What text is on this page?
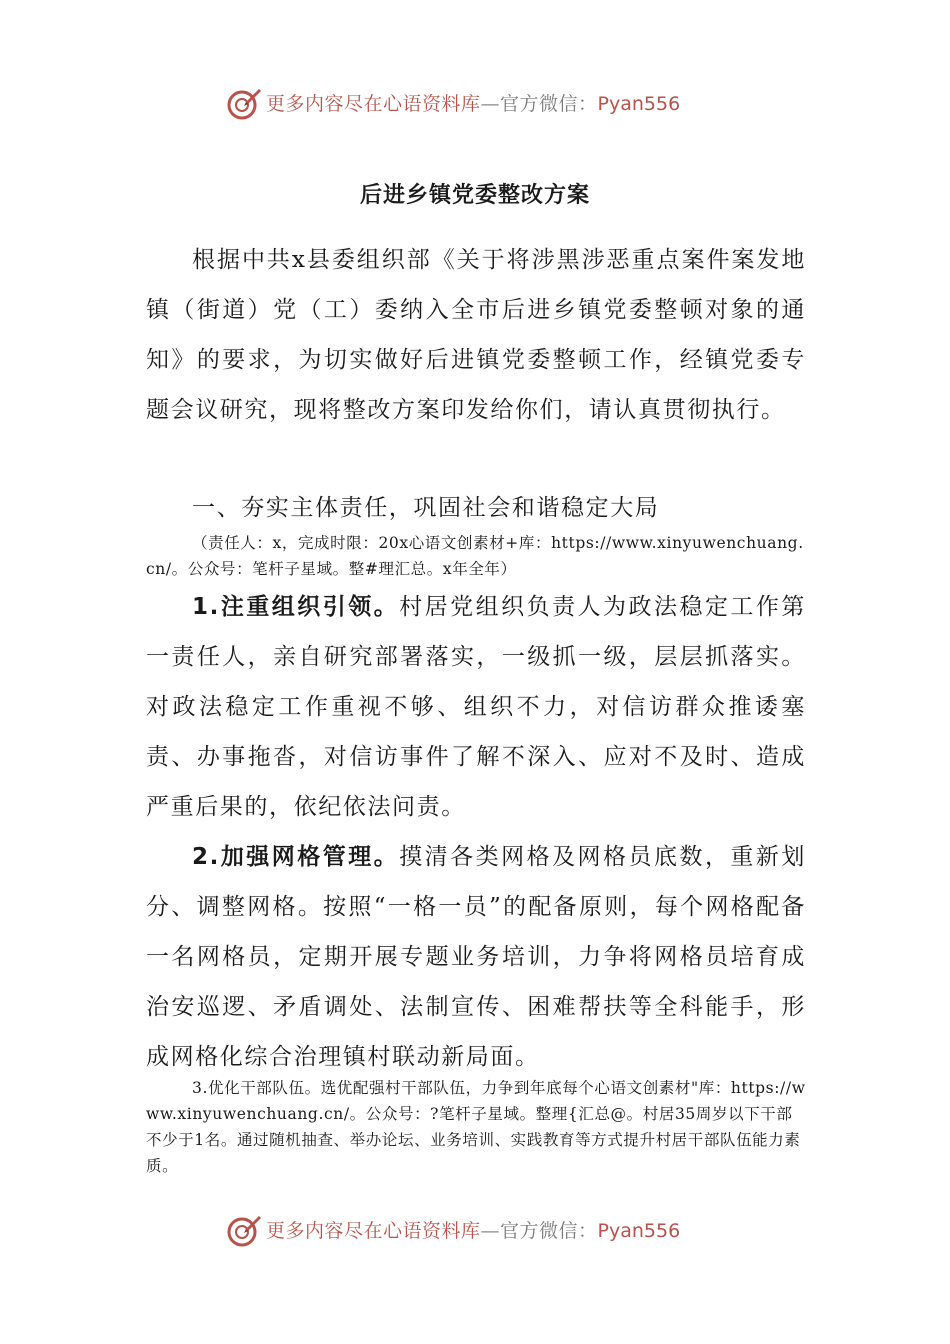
更多内容尽在心语资料库 — 官方微信： Pyan556
后进乡镇党委整改方案

根据中共x县委组织部《关于将涉黑涉恶重点案件案发地镇（街道）党（工）委纳入全市后进乡镇党委整顿对象的通知》的要求，为切实做好后进镇党委整顿工作，经镇党委专题会议研究，现将整改方案印发给你们，请认真贯彻执行。

一、夯实主体责任，巩固社会和谐稳定大局

（责任人：x，完成时限：20x心语文创素材+库：https://www.xinyuwenchuang.cn/。公众号：笔杆子星域。整#理汇总。x年全年）

1.注重组织引领。村居党组织负责人为政法稳定工作第一责任人，亲自研究部署落实，一级抓一级，层层抓落实。对政法稳定工作重视不够、组织不力，对信访群众推诿塞责、办事拖沓，对信访事件了解不深入、应对不及时、造成严重后果的，依纪依法问责。

2.加强网格管理。摸清各类网格及网格员底数，重新划分、调整网格。按照“一格一员”的配备原则，每个网格配备一名网格员，定期开展专题业务培训，力争将网格员培育成治安巡逻、矛盾调处、法制宣传、困难帮扶等全科能手，形成网格化综合治理镇村联动新局面。

3.优化干部队伍。选优配强村干部队伍，力争到年底每个心语文创素材"库：https://www.xinyuwenchuang.cn/。公众号：?笔杆子星域。整理{汇总@。村居35周岁以下干部不少于1名。通过随机抽查、举办论坛、业务培训、实践教育等方式提升村居干部队伍能力素质。

更多内容尽在心语资料库 — 官方微信： Pyan556
